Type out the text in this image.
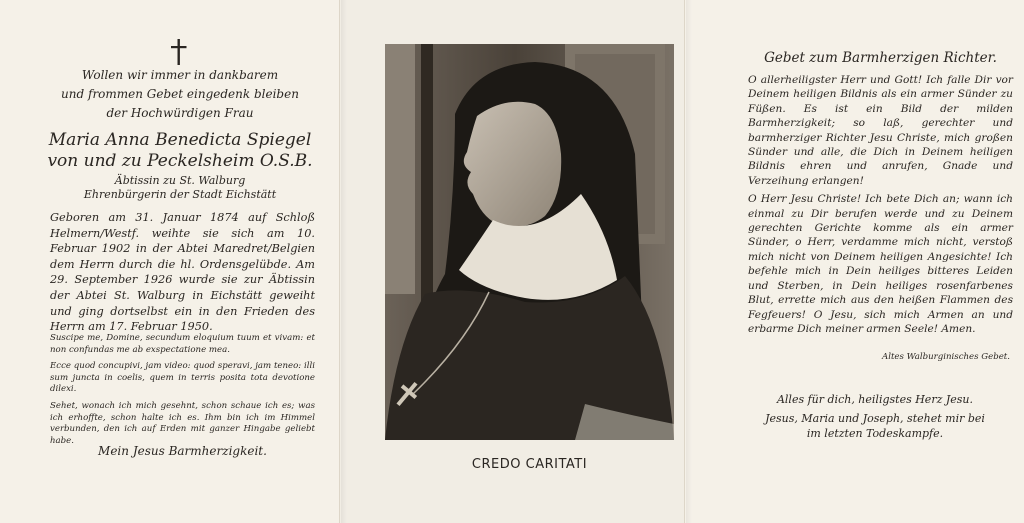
Wollen wir immer in dankbarem
und frommen Gebet eingedenk bleiben
der Hochwürdigen Frau
Maria Anna Benedicta Spiegel
von und zu Peckelsheim O.S.B.
Äbtissin zu St. Walburg
Ehrenbürgerin der Stadt Eichstätt
Geboren am 31. Januar 1874 auf Schloß Helmern/Westf. weihte sie sich am 10. Februar 1902 in der Abtei Maredret/Belgien dem Herrn durch die hl. Ordensgelübde. Am 29. September 1926 wurde sie zur Äbtissin der Abtei St. Walburg in Eichstätt geweiht und ging dortselbst ein in den Frieden des Herrn am 17. Februar 1950.

Suscipe me, Domine, secundum eloquium tuum et vivam: et non confundas me ab exspectatione mea.

Ecce quod concupivi, jam video: quod speravi, jam teneo: illi sum juncta in coelis, quem in terris posita tota devotione dilexi.

Sehet, wonach ich mich gesehnt, schon schaue ich es; was ich erhoffte, schon halte ich es. Ihm bin ich im Himmel verbunden, den ich auf Erden mit ganzer Hingabe geliebt habe.

Mein Jesus Barmherzigkeit.
CREDO CARITATI
Gebet zum Barmherzigen Richter.

O allerheiligster Herr und Gott! Ich falle Dir vor Deinem heiligen Bildnis als ein armer Sünder zu Füßen. Es ist ein Bild der milden Barmherzigkeit; so laß, gerechter und barmherziger Richter Jesu Christe, mich großen Sünder und alle, die Dich in Deinem heiligen Bildnis ehren und anrufen, Gnade und Verzeihung erlangen!

O Herr Jesu Christe! Ich bete Dich an; wann ich einmal zu Dir berufen werde und zu Deinem gerechten Gerichte komme als ein armer Sünder, o Herr, verdamme mich nicht, verstoß mich nicht von Deinem heiligen Angesichte! Ich befehle mich in Dein heiliges bitteres Leiden und Sterben, in Dein heiliges rosenfarbenes Blut, errette mich aus den heißen Flammen des Fegfeuers! O Jesu, sich mich Armen an und erbarme Dich meiner armen Seele! Amen.

Altes Walburginisches Gebet.
Alles für dich, heiligstes Herz Jesu.
Jesus, Maria und Joseph, stehet mir bei
im letzten Todeskampfe.
